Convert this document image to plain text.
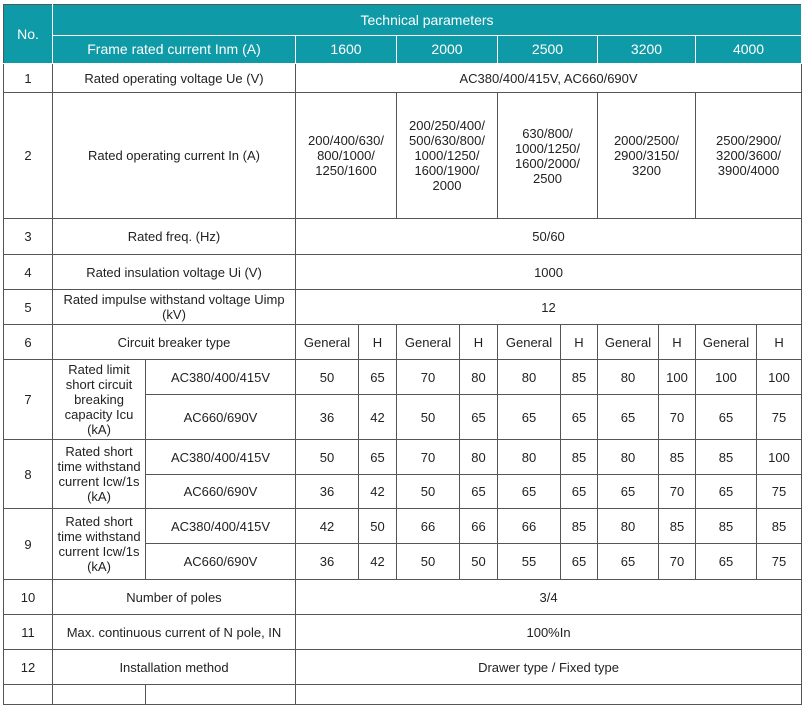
No.	Technical parameters											
	Frame rated current Inm (A)		1600		2000		2500		3200		4000	
1	Rated operating voltage Ue (V)		AC380/400/415V, AC660/690V									
2	Rated operating current In (A)		200/400/630/
800/1000/
1250/1600		200/250/400/
500/630/800/
1000/1250/
1600/1900/
2000		630/800/
1000/1250/
1600/2000/
2500		2000/2500/
2900/3150/
3200		2500/2900/
3200/3600/
3900/4000	
3	Rated freq. (Hz)		50/60									
4	Rated insulation voltage Ui (V)		1000									
5	Rated impulse withstand voltage Uimp
(kV)		12									
6	Circuit breaker type		General	H	General	H	General	H	General	H	General	H
7	Rated limit
short circuit
breaking
capacity Icu
(kA)	AC380/400/415V	50	65	70	80	80	85	80	100	100	100
		AC660/690V	36	42	50	65	65	65	65	70	65	75
8	Rated short
time withstand
current Icw/1s
(kA)	AC380/400/415V	50	65	70	80	80	85	80	85	85	100
		AC660/690V	36	42	50	65	65	65	65	70	65	75
9	Rated short
time withstand
current Icw/1s
(kA)	AC380/400/415V	42	50	66	66	66	85	80	85	85	85
		AC660/690V	36	42	50	50	55	65	65	70	65	75
10	Number of poles		3/4									
11	Max. continuous current of N pole, IN		100%In									
12	Installation method		Drawer type / Fixed type									
